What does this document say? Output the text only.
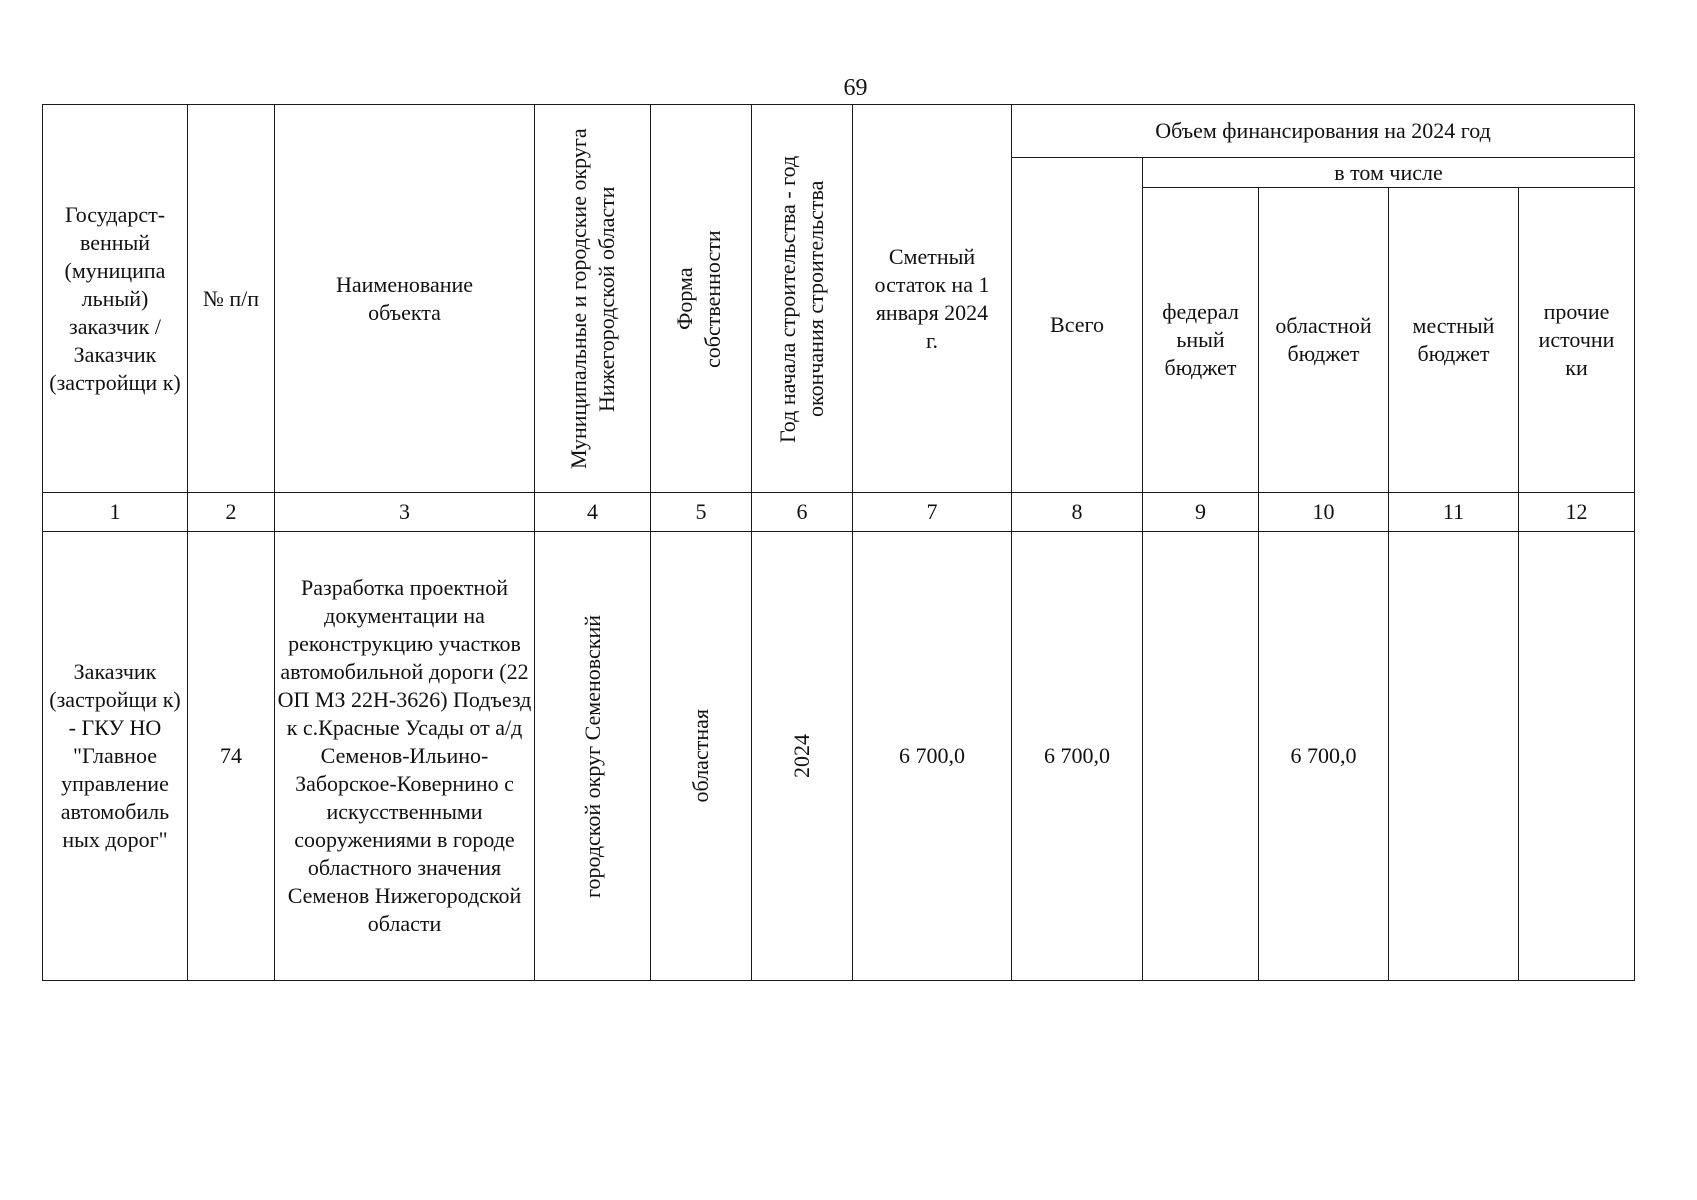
69
Государст-венный (муниципа льный) заказчик / Заказчик (застройщи к)	№ п/п	Наименование объекта	Муниципальные и городские округа Нижегородской области	Форма собственности	Год начала строительства - год окончания строительства	Сметный остаток на 1 января 2024 г.	Объем финансирования на 2024 год				

							Всего	в том числе			

								федерал ьный бюджет	областной бюджет	местный бюджет	прочие источни ки

1	2	3	4	5	6	7	8	9	10	11	12

Заказчик (застройщи к) - ГКУ НО "Главное управление автомобиль ных дорог"	74	Разработка проектной документации на реконструкцию участков автомобильной дороги (22 ОП МЗ 22Н-3626) Подъезд к с.Красные Усады от а/д Семенов-Ильино-Заборское-Ковернино с искусственными сооружениями в городе областного значения Семенов Нижегородской области	городской округ Семеновский	областная	2024	6 700,0	6 700,0		6 700,0		
